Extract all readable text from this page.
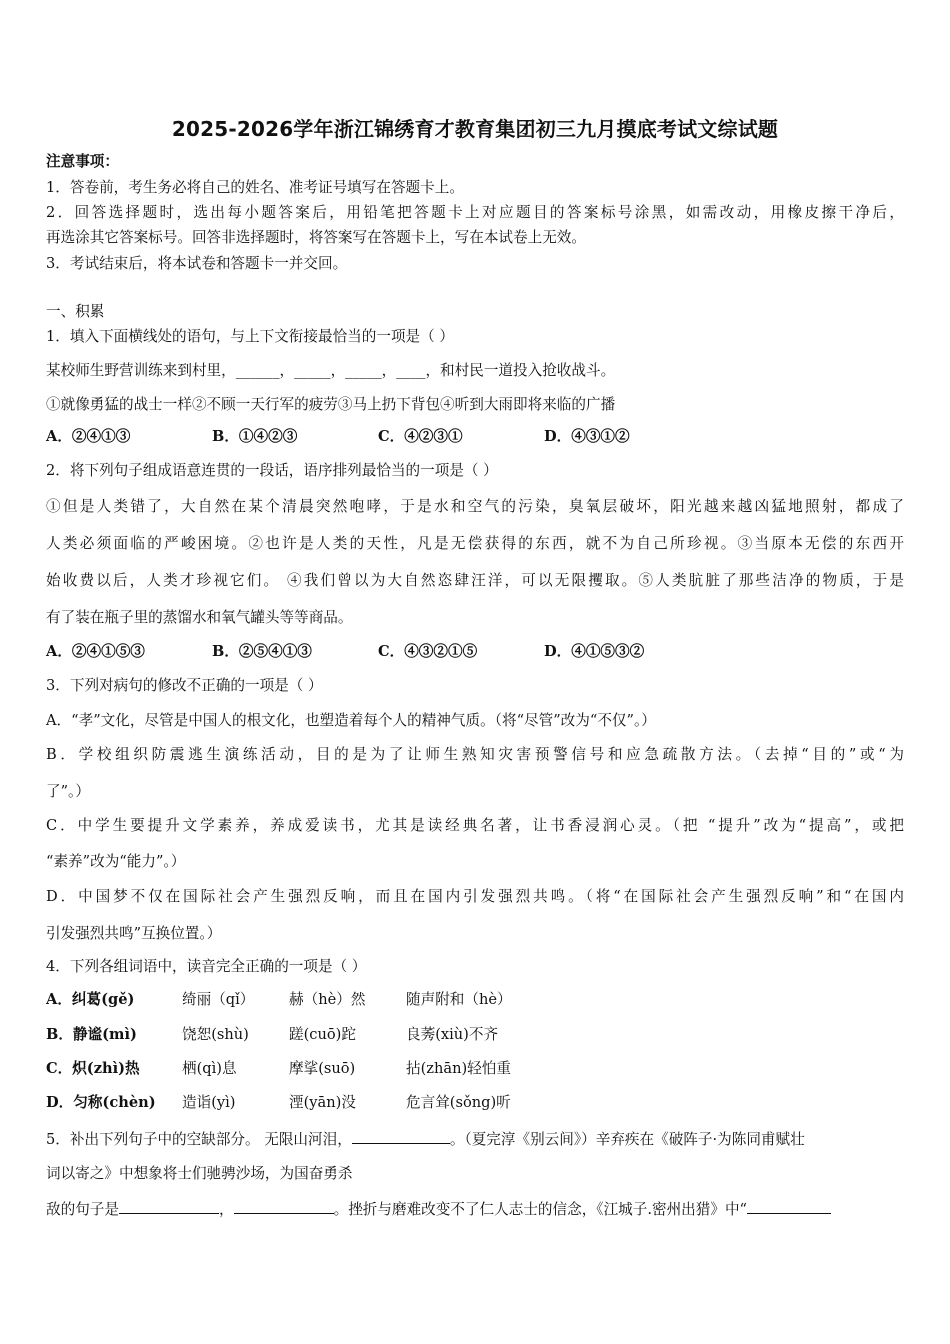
2025-2026学年浙江锦绣育才教育集团初三九月摸底考试文综试题
注意事项：
1．答卷前，考生务必将自己的姓名、准考证号填写在答题卡上。
2．回答选择题时，选出每小题答案后，用铅笔把答题卡上对应题目的答案标号涂黑，如需改动，用橡皮擦干净后，
再选涂其它答案标号。回答非选择题时，将答案写在答题卡上，写在本试卷上无效。
3．考试结束后，将本试卷和答题卡一并交回。
一、积累
1．填入下面横线处的语句，与上下文衔接最恰当的一项是（ ）
某校师生野营训练来到村里，______，_____，_____，____，和村民一道投入抢收战斗。
①就像勇猛的战士一样②不顾一天行军的疲劳③马上扔下背包④听到大雨即将来临的广播
A．②④①③	B．①④②③	C．④②③①	D．④③①②
2．将下列句子组成语意连贯的一段话，语序排列最恰当的一项是（ ）
①但是人类错了，大自然在某个清晨突然咆哮，于是水和空气的污染，臭氧层破坏，阳光越来越凶猛地照射，都成了
人类必须面临的严峻困境。②也许是人类的天性，凡是无偿获得的东西，就不为自己所珍视。③当原本无偿的东西开
始收费以后，人类才珍视它们。 ④我们曾以为大自然恣肆汪洋，可以无限攫取。⑤人类肮脏了那些洁净的物质，于是
有了装在瓶子里的蒸馏水和氧气罐头等等商品。
A．②④①⑤③	B．②⑤④①③	C．④③②①⑤	D．④①⑤③②
3．下列对病句的修改不正确的一项是（ ）
A．“孝”文化，尽管是中国人的根文化，也塑造着每个人的精神气质。（将“尽管”改为“不仅”。）
B．学校组织防震逃生演练活动，目的是为了让师生熟知灾害预警信号和应急疏散方法。（去掉“目的”或“为
了”。）
C．中学生要提升文学素养，养成爱读书，尤其是读经典名著，让书香浸润心灵。（把 “提升”改为“提高”，或把
“素养”改为“能力”。）
D．中国梦不仅在国际社会产生强烈反响，而且在国内引发强烈共鸣。（将“在国际社会产生强烈反响”和“在国内
引发强烈共鸣”互换位置。）
4．下列各组词语中，读音完全正确的一项是（ ）
A．纠葛(gě)	绮丽（qǐ）	赫（hè）然	随声附和（hè）
B．静谧(mì)	饶恕(shù)	蹉(cuō)跎	良莠(xiù)不齐
C．炽(zhì)热	栖(qì)息	摩挲(suō)	拈(zhān)轻怕重
D．匀称(chèn)	造诣(yì)	湮(yān)没	危言耸(sǒng)听
5．补出下列句子中的空缺部分。 无限山河泪，	。（夏完淳《别云间》）辛弃疾在《破阵子·为陈同甫赋壮
词以寄之》中想象将士们驰骋沙场，为国奋勇杀
敌的句子是	，	。挫折与磨难改变不了仁人志士的信念，《江城子.密州出猎》中“
